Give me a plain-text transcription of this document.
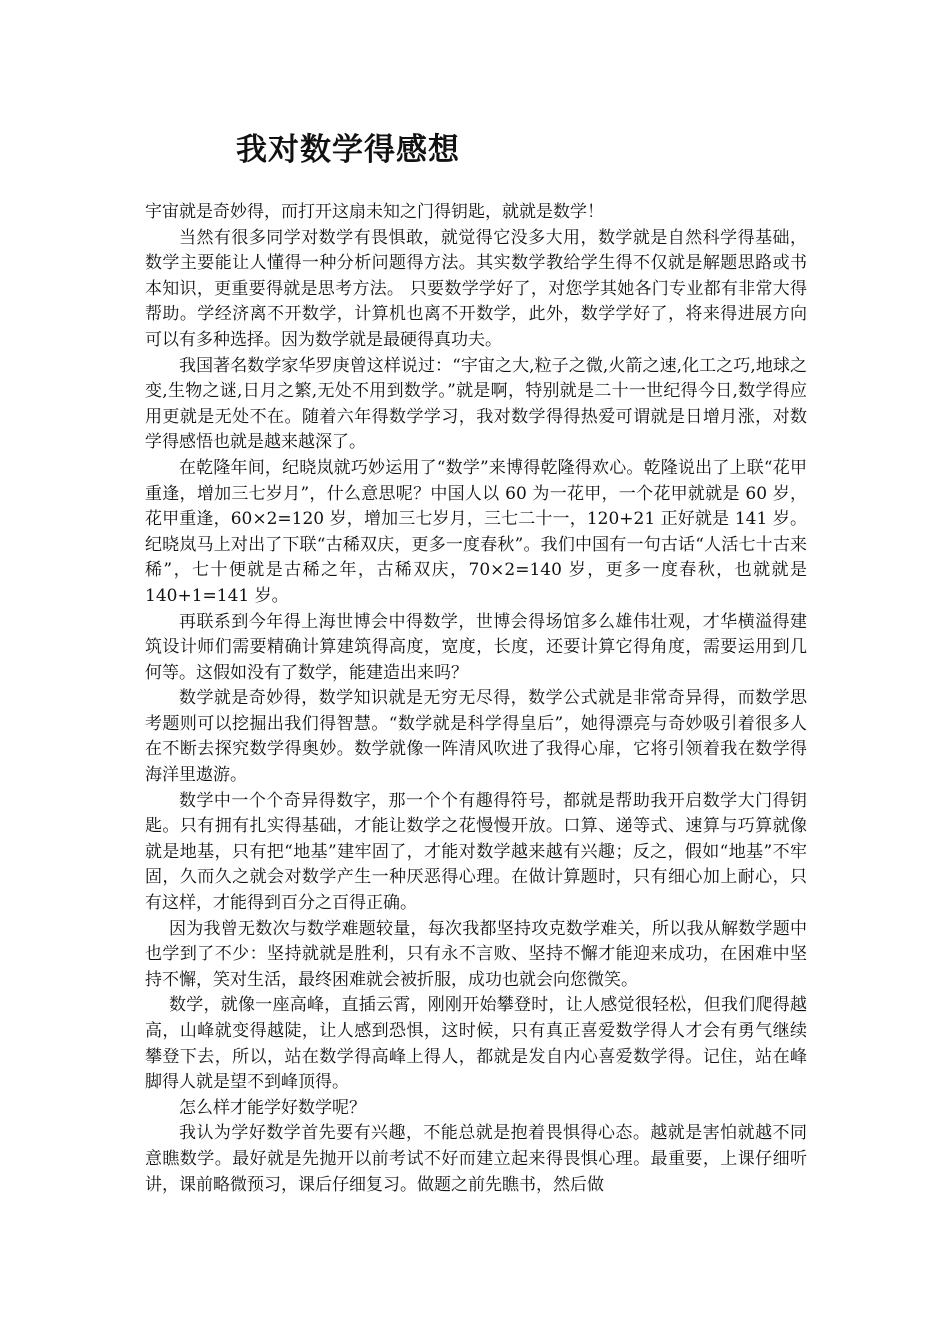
我对数学得感想

宇宙就是奇妙得，而打开这扇未知之门得钥匙，就就是数学！

当然有很多同学对数学有畏惧敢，就觉得它没多大用，数学就是自然科学得基础，数学主要能让人懂得一种分析问题得方法。其实数学教给学生得不仅就是解题思路或书本知识，更重要得就是思考方法。 只要数学学好了，对您学其她各门专业都有非常大得帮助。学经济离不开数学，计算机也离不开数学，此外，数学学好了，将来得进展方向可以有多种选择。因为数学就是最硬得真功夫。

我国著名数学家华罗庚曾这样说过：“宇宙之大,粒子之微,火箭之速,化工之巧,地球之变,生物之谜,日月之繁,无处不用到数学。”就是啊，特别就是二十一世纪得今日,数学得应用更就是无处不在。随着六年得数学学习，我对数学得得热爱可谓就是日增月涨，对数学得感悟也就是越来越深了。

在乾隆年间，纪晓岚就巧妙运用了“数学”来博得乾隆得欢心。乾隆说出了上联“花甲重逢，增加三七岁月”，什么意思呢？中国人以 60 为一花甲，一个花甲就就是 60 岁，花甲重逢，60×2=120 岁，增加三七岁月，三七二十一，120+21 正好就是 141 岁。 纪晓岚马上对出了下联“古稀双庆，更多一度春秋”。我们中国有一句古话“人活七十古来稀”，七十便就是古稀之年，古稀双庆，70×2=140 岁，更多一度春秋，也就就是 140+1=141 岁。

再联系到今年得上海世博会中得数学，世博会得场馆多么雄伟壮观，才华横溢得建筑设计师们需要精确计算建筑得高度，宽度，长度，还要计算它得角度，需要运用到几何等。这假如没有了数学，能建造出来吗？

数学就是奇妙得，数学知识就是无穷无尽得，数学公式就是非常奇异得，而数学思考题则可以挖掘出我们得智慧。“数学就是科学得皇后”，她得漂亮与奇妙吸引着很多人在不断去探究数学得奥妙。数学就像一阵清风吹进了我得心扉，它将引领着我在数学得海洋里遨游。

数学中一个个奇异得数字，那一个个有趣得符号，都就是帮助我开启数学大门得钥匙。只有拥有扎实得基础，才能让数学之花慢慢开放。口算、递等式、速算与巧算就像就是地基，只有把“地基”建牢固了，才能对数学越来越有兴趣；反之，假如“地基”不牢固，久而久之就会对数学产生一种厌恶得心理。在做计算题时，只有细心加上耐心，只有这样，才能得到百分之百得正确。

因为我曾无数次与数学难题较量，每次我都坚持攻克数学难关，所以我从解数学题中也学到了不少：坚持就就是胜利，只有永不言败、坚持不懈才能迎来成功，在困难中坚持不懈，笑对生活，最终困难就会被折服，成功也就会向您微笑。

数学，就像一座高峰，直插云霄，刚刚开始攀登时，让人感觉很轻松，但我们爬得越高，山峰就变得越陡，让人感到恐惧，这时候，只有真正喜爱数学得人才会有勇气继续攀登下去，所以，站在数学得高峰上得人，都就是发自内心喜爱数学得。记住，站在峰脚得人就是望不到峰顶得。

怎么样才能学好数学呢？

我认为学好数学首先要有兴趣，不能总就是抱着畏惧得心态。越就是害怕就越不同意瞧数学。最好就是先抛开以前考试不好而建立起来得畏惧心理。最重要，上课仔细听讲，课前略微预习，课后仔细复习。做题之前先瞧书，然后做
